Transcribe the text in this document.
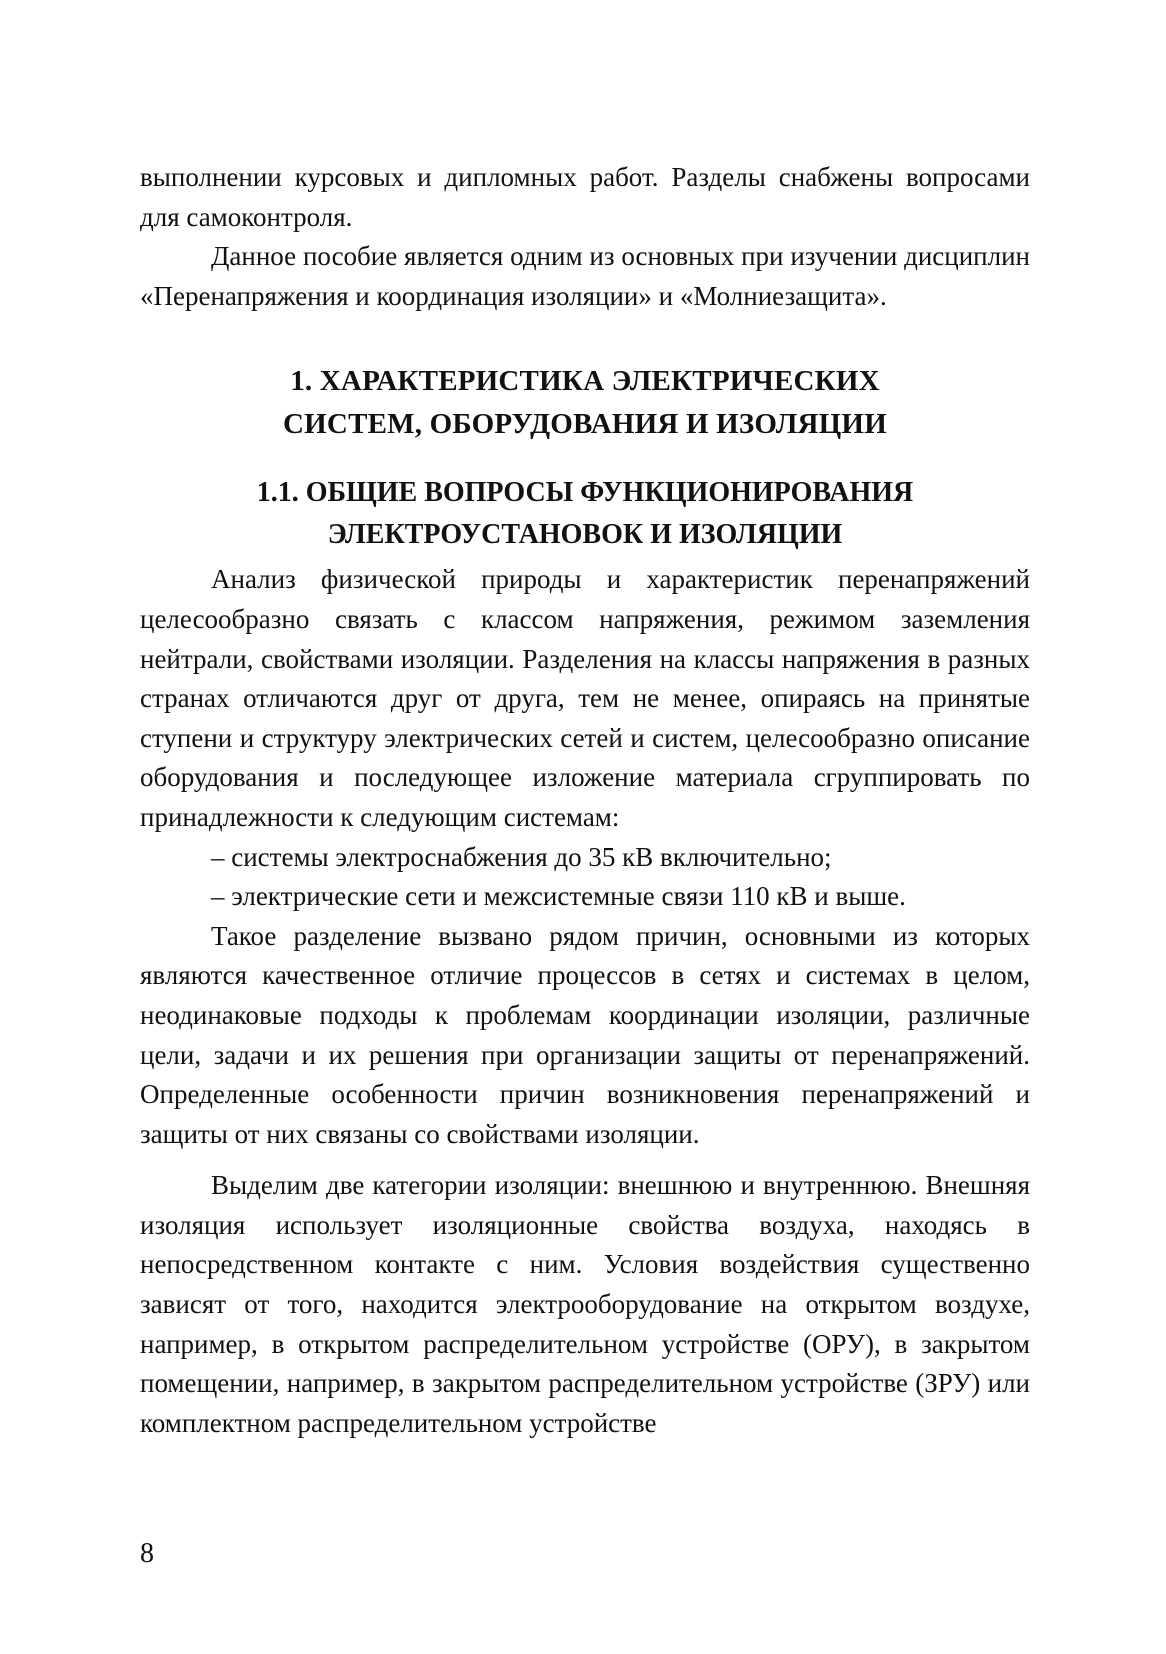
выполнении курсовых и дипломных работ. Разделы снабжены вопросами для самоконтроля.

Данное пособие является одним из основных при изучении дисциплин «Перенапряжения и координация изоляции» и «Молниезащита».

1. ХАРАКТЕРИСТИКА ЭЛЕКТРИЧЕСКИХ
СИСТЕМ, ОБОРУДОВАНИЯ И ИЗОЛЯЦИИ
1.1. ОБЩИЕ ВОПРОСЫ ФУНКЦИОНИРОВАНИЯ
ЭЛЕКТРОУСТАНОВОК И ИЗОЛЯЦИИ

Анализ физической природы и характеристик перенапряжений целесообразно связать с классом напряжения, режимом заземления нейтрали, свойствами изоляции. Разделения на классы напряжения в разных странах отличаются друг от друга, тем не менее, опираясь на принятые ступени и структуру электрических сетей и систем, целесообразно описание оборудования и последующее изложение материала сгруппировать по принадлежности к следующим системам:

– системы электроснабжения до 35 кВ включительно;

– электрические сети и межсистемные связи 110 кВ и выше.

Такое разделение вызвано рядом причин, основными из которых являются качественное отличие процессов в сетях и системах в целом, неодинаковые подходы к проблемам координации изоляции, различные цели, задачи и их решения при организации защиты от перенапряжений. Определенные особенности причин возникновения перенапряжений и защиты от них связаны со свойствами изоляции.

Выделим две категории изоляции: внешнюю и внутреннюю. Внешняя изоляция использует изоляционные свойства воздуха, находясь в непосредственном контакте с ним. Условия воздействия существенно зависят от того, находится электрооборудование на открытом воздухе, например, в открытом распределительном устройстве (ОРУ), в закрытом помещении, например, в закрытом распределительном устройстве (ЗРУ) или комплектном распределительном устройстве

8
